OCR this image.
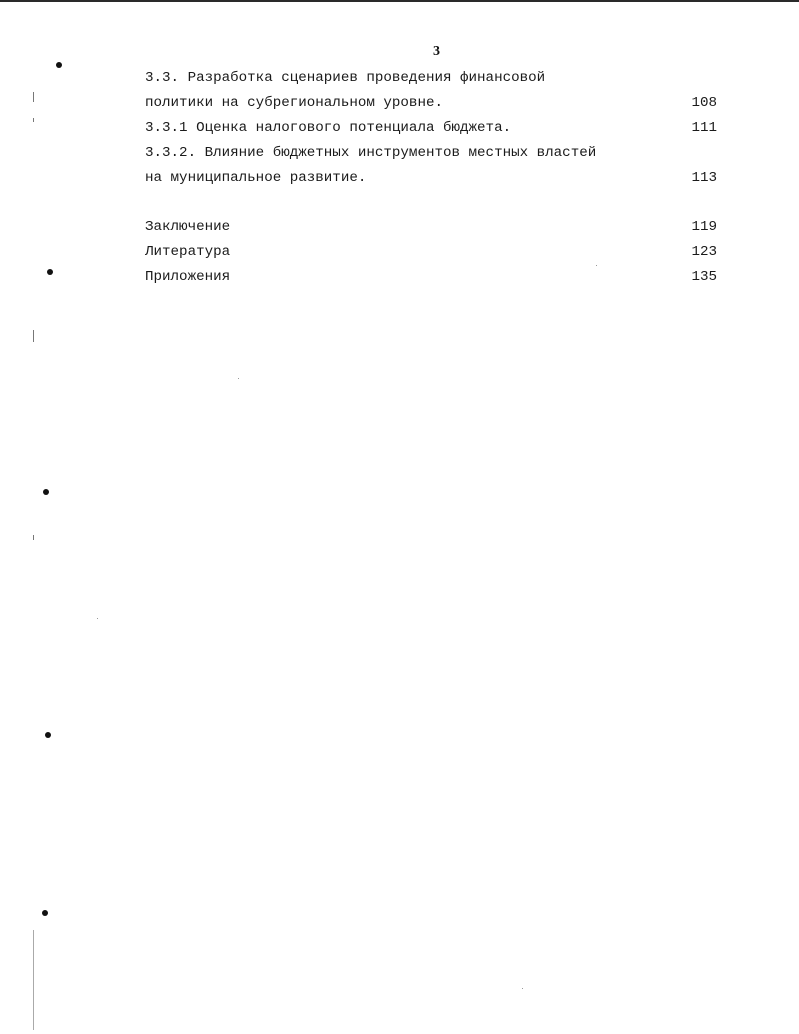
3
3.3. Разработка сценариев проведения финансовой
политики на субрегиональном уровне.	108
3.3.1 Оценка налогового потенциала бюджета.	111
3.3.2. Влияние бюджетных инструментов местных властей
на муниципальное развитие.	113
Заключение	119
Литература	123
Приложения	135
